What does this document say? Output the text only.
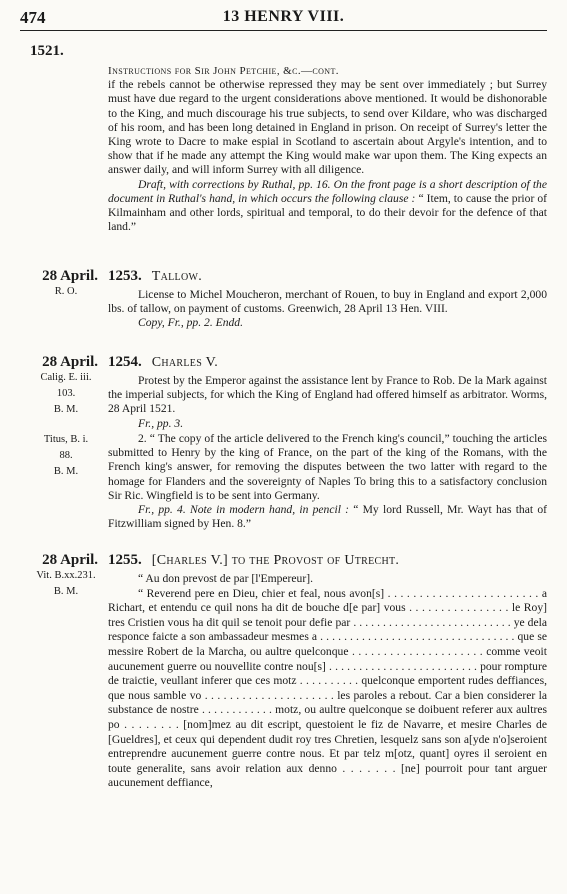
474	13 HENRY VIII.
1521.

Instructions for Sir John Petchie, &c.—cont.

if the rebels cannot be otherwise repressed they may be sent over immediately ; but Surrey must have due regard to the urgent considerations above mentioned. It would be dishonorable to the King, and much discourage his true subjects, to send over Kildare, who was discharged of his room, and has been long detained in England in prison. On receipt of Surrey's letter the King wrote to Dacre to make espial in Scotland to ascertain about Argyle's intention, and to show that if he made any attempt the King would make war upon them. The King expects an answer daily, and will inform Surrey with all diligence.

Draft, with corrections by Ruthal, pp. 16. On the front page is a short description of the document in Ruthal's hand, in which occurs the following clause : “ Item, to cause the prior of Kilmainham and other lords, spiritual and temporal, to do their devoir for the defence of that land.”

28 April.
R. O.
1253. Tallow.

License to Michel Moucheron, merchant of Rouen, to buy in England and export 2,000 lbs. of tallow, on payment of customs. Greenwich, 28 April 13 Hen. VIII.

Copy, Fr., pp. 2. Endd.

28 April.
Calig. E. iii.
103.
B. M.
1254. Charles V.

Protest by the Emperor against the assistance lent by France to Rob. De la Mark against the imperial subjects, for which the King of England had offered himself as arbitrator. Worms, 28 April 1521.

Fr., pp. 3.

Titus, B. i.
88.
B. M.

2. “ The copy of the article delivered to the French king's council,” touching the articles submitted to Henry by the king of France, on the part of the king of the Romans, with the French king's answer, for removing the disputes between the two latter with regard to the homage for Flanders and the sovereignty of Naples To bring this to a satisfactory conclusion Sir Ric. Wingfield is to be sent into Germany.

Fr., pp. 4. Note in modern hand, in pencil : “ My lord Russell, Mr. Wayt has that of Fitzwilliam signed by Hen. 8.”

28 April.
Vit. B.xx.231.
B. M.
1255. [Charles V.] to the Provost of Utrecht.

“ Au don prevost de par [l'Empereur].

“ Reverend pere en Dieu, chier et feal, nous avon[s] . . . . . . . . . . . . . . . . . . . . . . . . a Richart, et entendu ce quil nons ha dit de bouche d[e par] vous . . . . . . . . . . . . . . . . le Roy] tres Cristien vous ha dit quil se tenoit pour defie par . . . . . . . . . . . . . . . . . . . . . . . . . . . ye dela responce faicte a son ambassadeur mesmes a . . . . . . . . . . . . . . . . . . . . . . . . . . . . . . . . . que se messire Robert de la Marcha, ou aultre quelconque . . . . . . . . . . . . . . . . . . . . . comme veoit aucunement guerre ou nouvellite contre nou[s] . . . . . . . . . . . . . . . . . . . . . . . . . pour rompture de traictie, veullant inferer que ces motz . . . . . . . . . . quelconque emportent rudes deffiances, que nous samble vo . . . . . . . . . . . . . . . . . . . . . les paroles a rebout. Car a bien considerer la substance de nostre . . . . . . . . . . . . motz, ou aultre quelconque se doibuent referer aux aultres po . . . . . . . . [nom]mez au dit escript, questoient le fiz de Navarre, et mesire Charles de [Gueldres], et ceux qui dependent dudit roy tres Chretien, lesquelz sans son a[yde n'o]seroient entreprendre aucunement guerre contre nous. Et par telz m[otz, quant] oyres il seroient en toute generalite, sans avoir relation aux denno . . . . . . . [ne] pourroit pour tant arguer aucunement deffiance,
